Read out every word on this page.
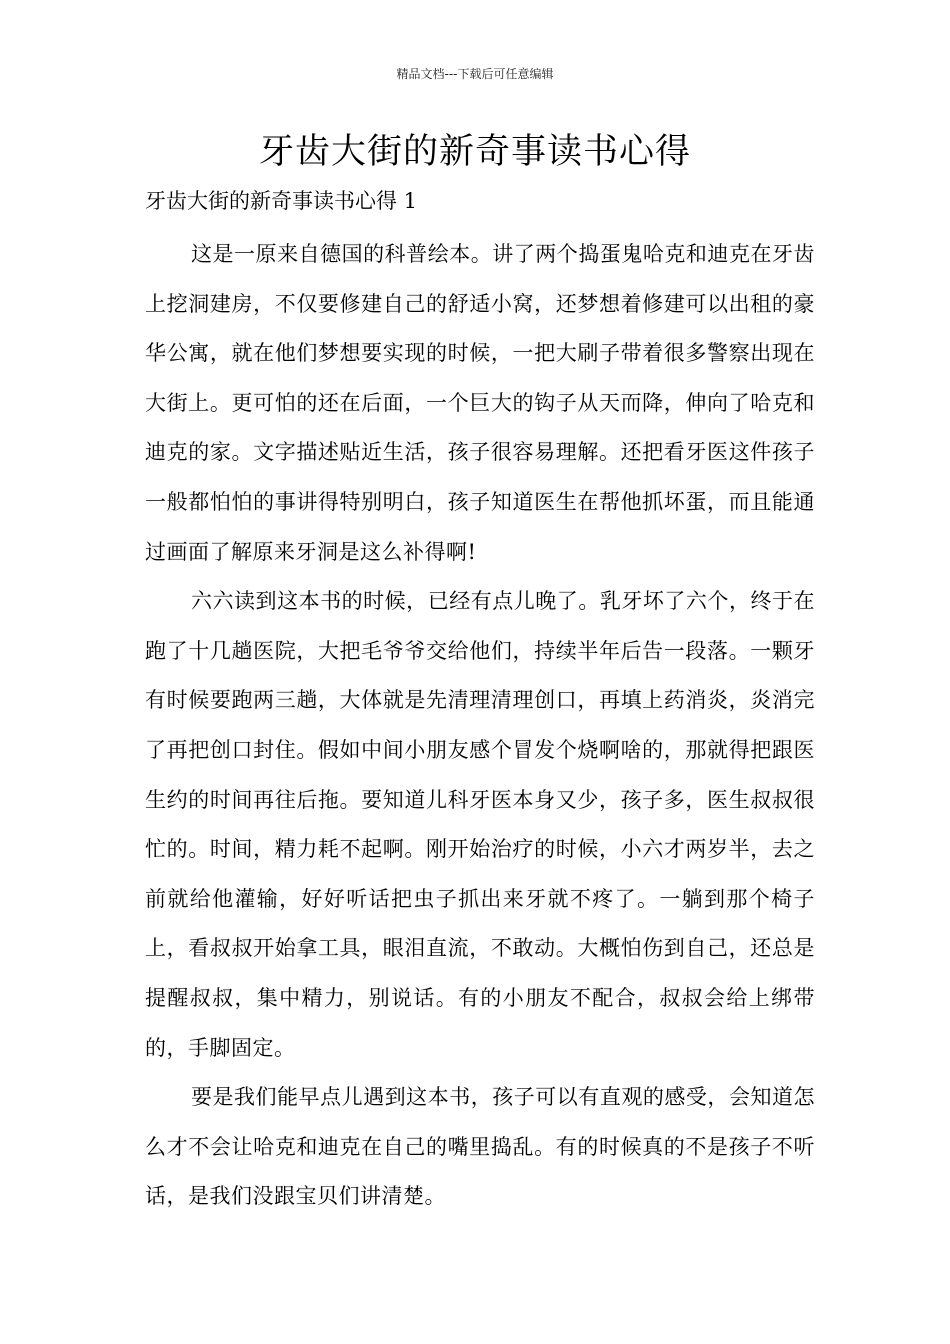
精品文档---下载后可任意编辑
牙齿大街的新奇事读书心得
牙齿大街的新奇事读书心得 1

这是一原来自德国的科普绘本。讲了两个捣蛋鬼哈克和迪克在牙齿上挖洞建房，不仅要修建自己的舒适小窝，还梦想着修建可以出租的豪华公寓，就在他们梦想要实现的时候，一把大刷子带着很多警察出现在大街上。更可怕的还在后面，一个巨大的钩子从天而降，伸向了哈克和迪克的家。文字描述贴近生活，孩子很容易理解。还把看牙医这件孩子一般都怕怕的事讲得特别明白，孩子知道医生在帮他抓坏蛋，而且能通过画面了解原来牙洞是这么补得啊!

六六读到这本书的时候，已经有点儿晚了。乳牙坏了六个，终于在跑了十几趟医院，大把毛爷爷交给他们，持续半年后告一段落。一颗牙有时候要跑两三趟，大体就是先清理清理创口，再填上药消炎，炎消完了再把创口封住。假如中间小朋友感个冒发个烧啊啥的，那就得把跟医生约的时间再往后拖。要知道儿科牙医本身又少，孩子多，医生叔叔很忙的。时间，精力耗不起啊。刚开始治疗的时候，小六才两岁半，去之前就给他灌输，好好听话把虫子抓出来牙就不疼了。一躺到那个椅子上，看叔叔开始拿工具，眼泪直流，不敢动。大概怕伤到自己，还总是提醒叔叔，集中精力，别说话。有的小朋友不配合，叔叔会给上绑带的，手脚固定。

要是我们能早点儿遇到这本书，孩子可以有直观的感受，会知道怎么才不会让哈克和迪克在自己的嘴里捣乱。有的时候真的不是孩子不听话，是我们没跟宝贝们讲清楚。
